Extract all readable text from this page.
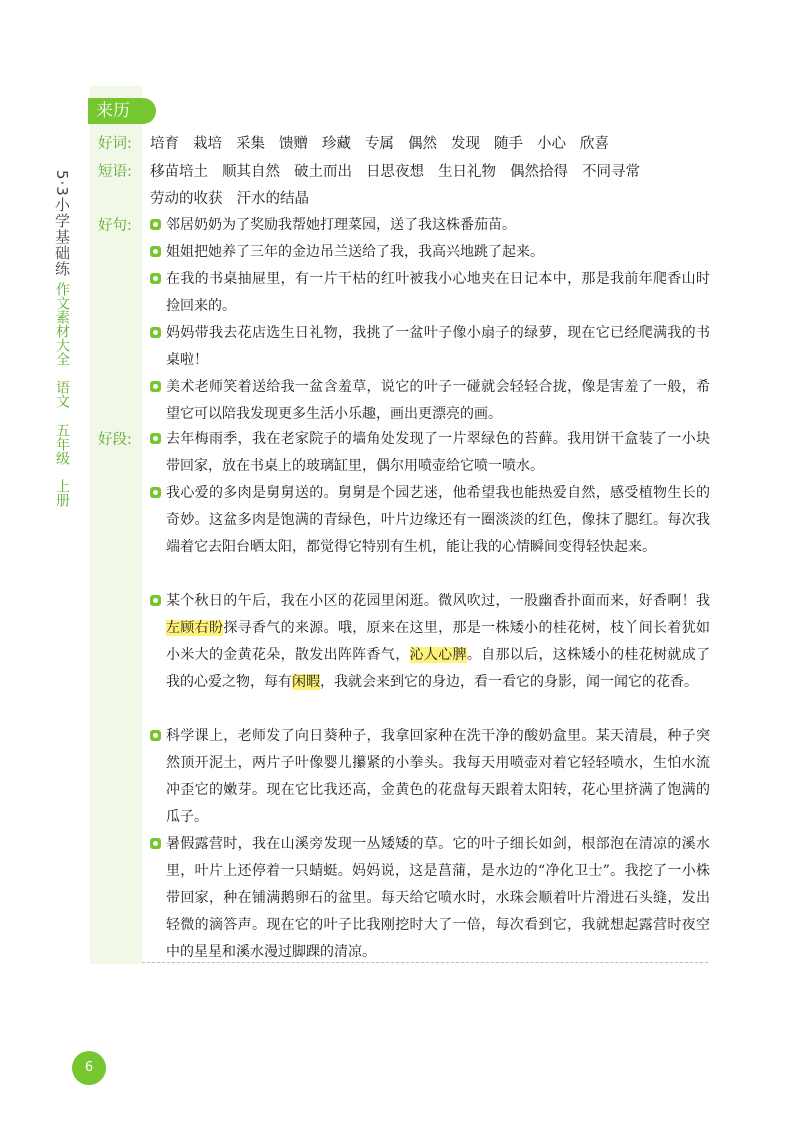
5·3小学基础练
作文素材大全 语文 五年级 上册
来历
好词:	培育 栽培 采集 馈赠 珍藏 专属 偶然 发现 随手 小心 欣喜
短语:	移苗培土 顺其自然 破土而出 日思夜想 生日礼物 偶然拾得 不同寻常
劳动的收获 汗水的结晶
好句:	邻居奶奶为了奖励我帮她打理菜园，送了我这株番茄苗。
姐姐把她养了三年的金边吊兰送给了我，我高兴地跳了起来。
在我的书桌抽屉里，有一片干枯的红叶被我小心地夹在日记本中，那是我前年爬香山时捡回来的。
妈妈带我去花店选生日礼物，我挑了一盆叶子像小扇子的绿萝，现在它已经爬满我的书桌啦！
美术老师笑着送给我一盆含羞草，说它的叶子一碰就会轻轻合拢，像是害羞了一般，希望它可以陪我发现更多生活小乐趣，画出更漂亮的画。
好段:	去年梅雨季，我在老家院子的墙角处发现了一片翠绿色的苔藓。我用饼干盒装了一小块带回家，放在书桌上的玻璃缸里，偶尔用喷壶给它喷一喷水。
我心爱的多肉是舅舅送的。舅舅是个园艺迷，他希望我也能热爱自然，感受植物生长的奇妙。这盆多肉是饱满的青绿色，叶片边缘还有一圈淡淡的红色，像抹了腮红。每次我端着它去阳台晒太阳，都觉得它特别有生机，能让我的心情瞬间变得轻快起来。
某个秋日的午后，我在小区的花园里闲逛。微风吹过，一股幽香扑面而来，好香啊！我左顾右盼探寻香气的来源。哦，原来在这里，那是一株矮小的桂花树，枝丫间长着犹如小米大的金黄花朵，散发出阵阵香气，沁人心脾。自那以后，这株矮小的桂花树就成了我的心爱之物，每有闲暇，我就会来到它的身边，看一看它的身影，闻一闻它的花香。
科学课上，老师发了向日葵种子，我拿回家种在洗干净的酸奶盒里。某天清晨，种子突然顶开泥土，两片子叶像婴儿攥紧的小拳头。我每天用喷壶对着它轻轻喷水，生怕水流冲歪它的嫩芽。现在它比我还高，金黄色的花盘每天跟着太阳转，花心里挤满了饱满的瓜子。
暑假露营时，我在山溪旁发现一丛矮矮的草。它的叶子细长如剑，根部泡在清凉的溪水里，叶片上还停着一只蜻蜓。妈妈说，这是菖蒲，是水边的“净化卫士”。我挖了一小株带回家，种在铺满鹅卵石的盆里。每天给它喷水时，水珠会顺着叶片滑进石头缝，发出轻微的滴答声。现在它的叶子比我刚挖时大了一倍，每次看到它，我就想起露营时夜空中的星星和溪水漫过脚踝的清凉。
6
